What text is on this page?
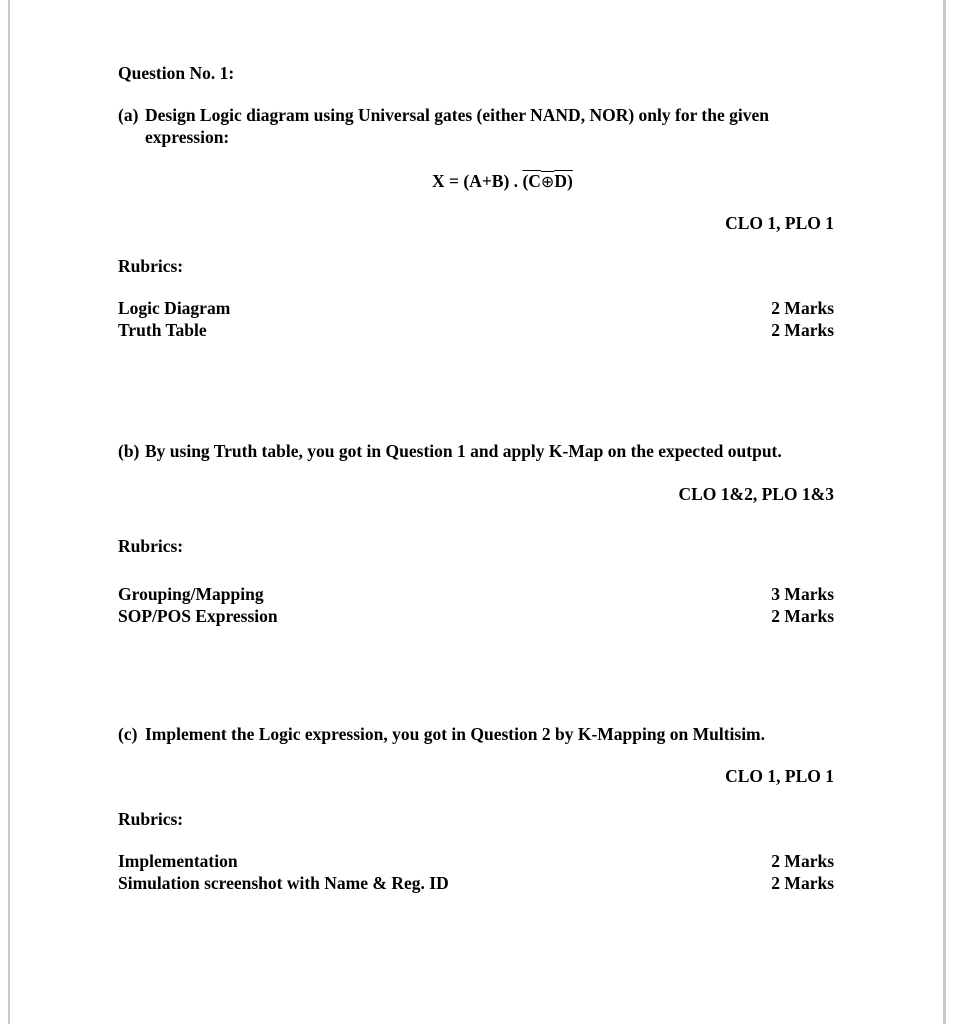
Question No. 1:
(a) Design Logic diagram using Universal gates (either NAND, NOR) only for the given
expression:
X = (A+B) . (C⊕D)
CLO 1, PLO 1
Rubrics:
Logic Diagram	2 Marks
Truth Table	2 Marks
(b) By using Truth table, you got in Question 1 and apply K-Map on the expected output.
CLO 1&2, PLO 1&3
Rubrics:
Grouping/Mapping	3 Marks
SOP/POS Expression	2 Marks
(c) Implement the Logic expression, you got in Question 2 by K-Mapping on Multisim.
CLO 1, PLO 1
Rubrics:
Implementation	2 Marks
Simulation screenshot with Name & Reg. ID	2 Marks
